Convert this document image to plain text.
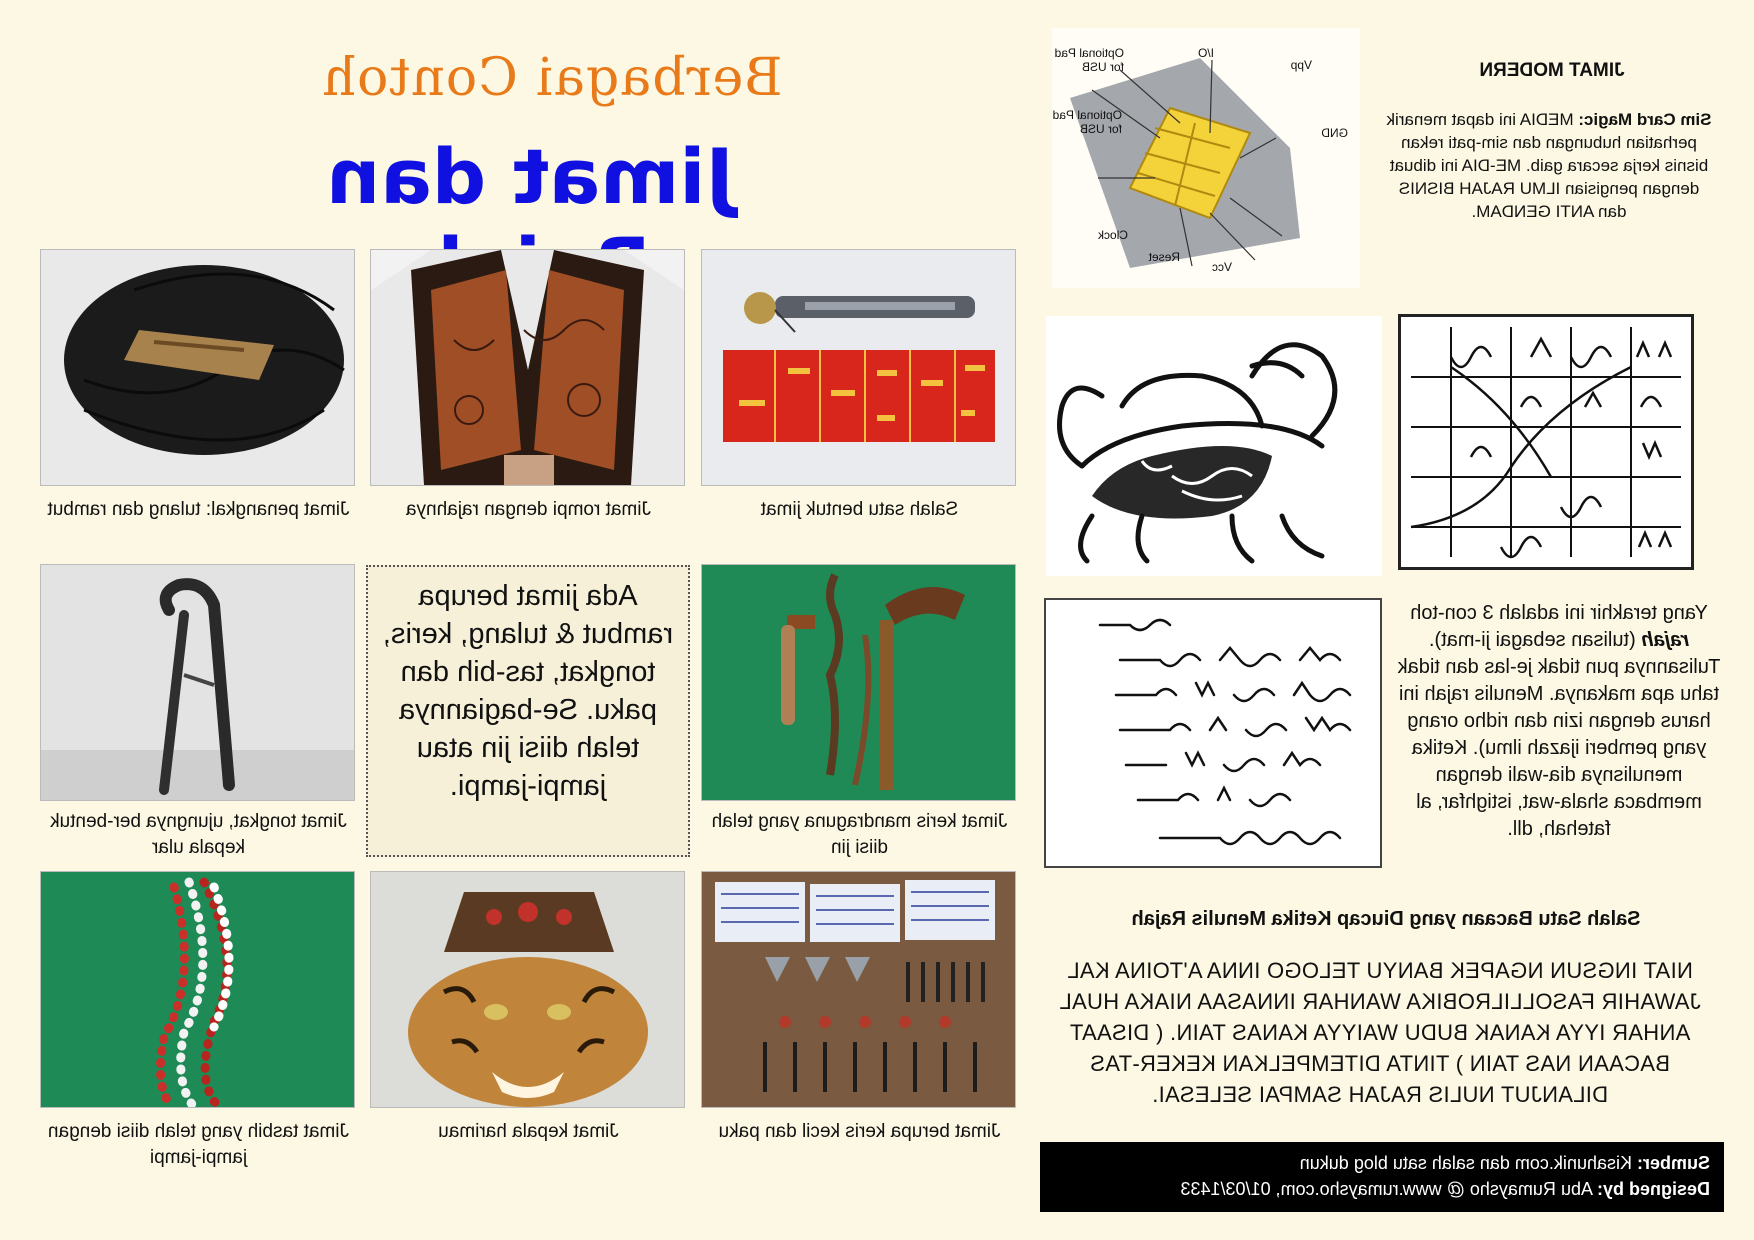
Berbagai Contoh
Jimat dan
Salah satu bentuk jimat
Jimat rompi dengan rajahnya
Jimat penangkal: tulang dan rambut
Jimat keris mandraguna yang telah diisi jin
Ada jimat berupa rambut & tulang, keris, tongkat, tas-bih dan paku. Se-bagiannya telah diisi jin atau jampi-jampi.
Jimat tongkat, ujungnya ber-bentuk kepala ular
Jimat berupa keris kecil dan paku
Jimat kepala harimau
Jimat tasbih yang telah diisi dengan jampi-jampi
JIMAT MODERN
Sim Card Magic: MEDIA ini dapat menarik perhatian hubungan dan sim-pati rekan bisnis kerja secara gaib. ME-DIA ini dibuat dengan pengisian ILMU RAJAH BISNIS dan ANTI GENDAM.
Optional Pad for USB
I/O
Vpp
Optional Pad for USB	GND
Clock
Reset
Vcc
Yang terakhir ini adalah 3 con-toh rajah (tulisan sebagai ji-mat). Tulisannya pun tidak je-las dan tidak tahu apa makanya. Menulis rajah ini harus dengan izin dan ridho orang yang pemberi ijazah ilmu). Ketika menulisnya dia-wali dengan membaca shala-wat, istighfar, al fatehah, dll.
Salah Satu Bacaan yang Diucap Ketika Menulis Rajah
NIAT INGSUN NGAPEK BANYU TELOGO INNA A'TOINA KAL JAWAHIR FASOLLILROBIKA WANHAR INNASAA NIAKA HUAL ANHAR IYYA KANAK BUDU WAIYYA KANAS TAIN. ( DISAAT BACAAN NAS TAIN ) TINTA DITEMPELKAN KEKER-TAS DILANJUT NULIS RAJAH SAMPAI SELESAI.
Sumber: Kisahunik.com dan salah satu blog dukun
Designed by: Abu Rumaysho @ www.rumaysho.com, 01/03/1433
